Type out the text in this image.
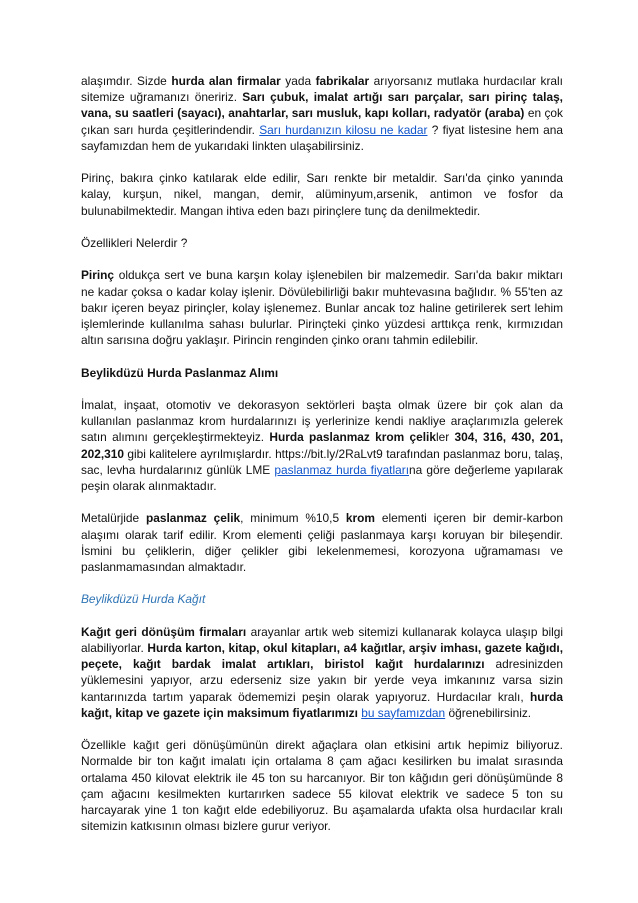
alaşımdır. Sizde hurda alan firmalar yada fabrikalar arıyorsanız mutlaka hurdacılar kralı sitemize uğramanızı öneririz. Sarı çubuk, imalat artığı sarı parçalar, sarı pirinç talaş, vana, su saatleri (sayacı), anahtarlar, sarı musluk, kapı kolları, radyatör (araba) en çok çıkan sarı hurda çeşitlerindendir. Sarı hurdanızın kilosu ne kadar ? fiyat listesine hem ana sayfamızdan hem de yukarıdaki linkten ulaşabilirsiniz.

Pirinç, bakıra çinko katılarak elde edilir, Sarı renkte bir metaldir. Sarı'da çinko yanında kalay, kurşun, nikel, mangan, demir, alüminyum,arsenik, antimon ve fosfor da bulunabilmektedir. Mangan ihtiva eden bazı pirinçlere tunç da denilmektedir.

Özellikleri Nelerdir ?

Pirinç oldukça sert ve buna karşın kolay işlenebilen bir malzemedir. Sarı'da bakır miktarı ne kadar çoksa o kadar kolay işlenir. Dövülebilirliği bakır muhtevasına bağlıdır. % 55'ten az bakır içeren beyaz pirinçler, kolay işlenemez. Bunlar ancak toz haline getirilerek sert lehim işlemlerinde kullanılma sahası bulurlar. Pirinçteki çinko yüzdesi arttıkça renk, kırmızıdan altın sarısına doğru yaklaşır. Pirincin renginden çinko oranı tahmin edilebilir.

Beylikdüzü Hurda Paslanmaz Alımı

İmalat, inşaat, otomotiv ve dekorasyon sektörleri başta olmak üzere bir çok alan da kullanılan paslanmaz krom hurdalarınızı iş yerlerinize kendi nakliye araçlarımızla gelerek satın alımını gerçekleştirmekteyiz. Hurda paslanmaz krom çelikler 304, 316, 430, 201, 202,310 gibi kalitelere ayrılmışlardır. https://bit.ly/2RaLvt9 tarafından paslanmaz boru, talaş, sac, levha hurdalarınız günlük LME paslanmaz hurda fiyatlarına göre değerleme yapılarak peşin olarak alınmaktadır.

Metalürjide paslanmaz çelik, minimum %10,5 krom elementi içeren bir demir-karbon alaşımı olarak tarif edilir. Krom elementi çeliği paslanmaya karşı koruyan bir bileşendir. İsmini bu çeliklerin, diğer çelikler gibi lekelenmemesi, korozyona uğramaması ve paslanmamasından almaktadır.

Beylikdüzü Hurda Kağıt

Kağıt geri dönüşüm firmaları arayanlar artık web sitemizi kullanarak kolayca ulaşıp bilgi alabiliyorlar. Hurda karton, kitap, okul kitapları, a4 kağıtlar, arşiv imhası, gazete kağıdı, peçete, kağıt bardak imalat artıkları, biristol kağıt hurdalarınızı adresinizden yüklemesini yapıyor, arzu ederseniz size yakın bir yerde veya imkanınız varsa sizin kantarınızda tartım yaparak ödememizi peşin olarak yapıyoruz. Hurdacılar kralı, hurda kağıt, kitap ve gazete için maksimum fiyatlarımızı bu sayfamızdan öğrenebilirsiniz.

Özellikle kağıt geri dönüşümünün direkt ağaçlara olan etkisini artık hepimiz biliyoruz. Normalde bir ton kağıt imalatı için ortalama 8 çam ağacı kesilirken bu imalat sırasında ortalama 450 kilovat elektrik ile 45 ton su harcanıyor. Bir ton kâğıdın geri dönüşümünde 8 çam ağacını kesilmekten kurtarırken sadece 55 kilovat elektrik ve sadece 5 ton su harcayarak yine 1 ton kağıt elde edebiliyoruz. Bu aşamalarda ufakta olsa hurdacılar kralı sitemizin katkısının olması bizlere gurur veriyor.
